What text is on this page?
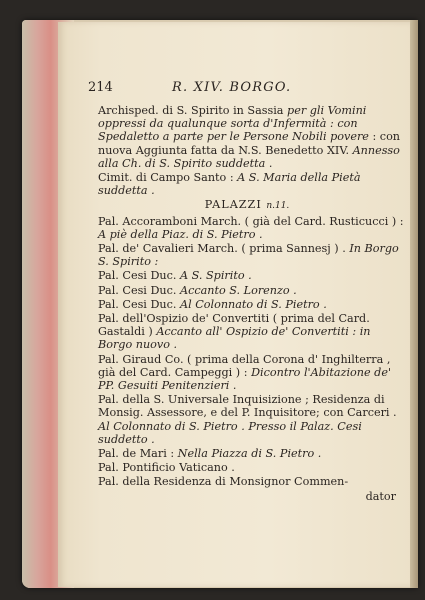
214	R. XIV. BORGO.

Archisped. di S. Spirito in Sassia per gli Vomini oppressi da qualunque sorta d'Infermità : con Spedaletto a parte per le Persone Nobili povere : con nuova Aggiunta fatta da N.S. Benedetto XIV. Annesso alla Ch. di S. Spirito suddetta .

Cimit. di Campo Santo : A S. Maria della Pietà suddetta .

PALAZZI n.11.

Pal. Accoramboni March. ( già del Card. Rusticucci ) : A piè della Piaz. di S. Pietro .

Pal. de' Cavalieri March. ( prima Sannesj ) . In Borgo S. Spirito :

Pal. Cesi Duc. A S. Spirito .

Pal. Cesi Duc. Accanto S. Lorenzo .

Pal. Cesi Duc. Al Colonnato di S. Pietro .

Pal. dell'Ospizio de' Convertiti ( prima del Card. Gastaldi ) Accanto all' Ospizio de' Convertiti : in Borgo nuovo .

Pal. Giraud Co. ( prima della Corona d' Inghilterra , già del Card. Campeggi ) : Dicontro l'Abitazione de' PP. Gesuiti Penitenzieri .

Pal. della S. Universale Inquisizione ; Residenza di Monsig. Assessore, e del P. Inquisitore; con Carceri . Al Colonnato di S. Pietro . Presso il Palaz. Cesi suddetto .

Pal. de Mari : Nella Piazza di S. Pietro .

Pal. Pontificio Vaticano .

Pal. della Residenza di Monsignor Commen-

dator
